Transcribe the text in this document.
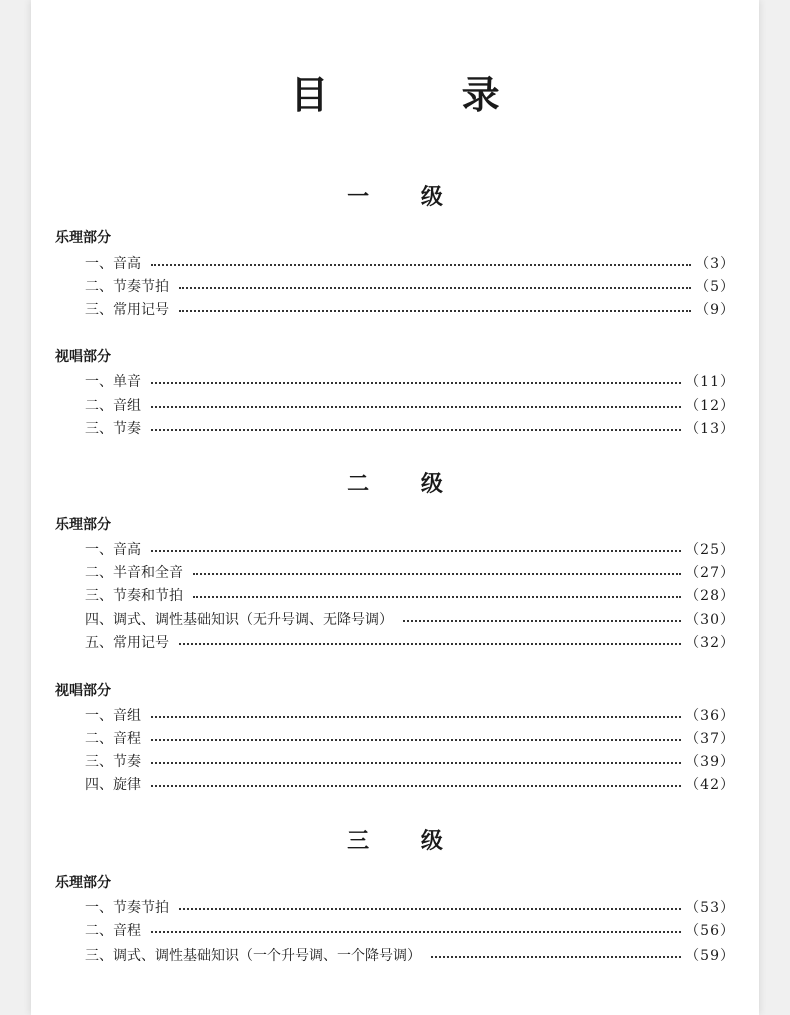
目 录
一 级
乐理部分
一、音高	（3）
二、节奏节拍	（5）
三、常用记号	（9）
视唱部分
一、单音	（11）
二、音组	（12）
三、节奏	（13）
二 级
乐理部分
一、音高	（25）
二、半音和全音	（27）
三、节奏和节拍	（28）
四、调式、调性基础知识（无升号调、无降号调）	（30）
五、常用记号	（32）
视唱部分
一、音组	（36）
二、音程	（37）
三、节奏	（39）
四、旋律	（42）
三 级
乐理部分
一、节奏节拍	（53）
二、音程	（56）
三、调式、调性基础知识（一个升号调、一个降号调）	（59）
